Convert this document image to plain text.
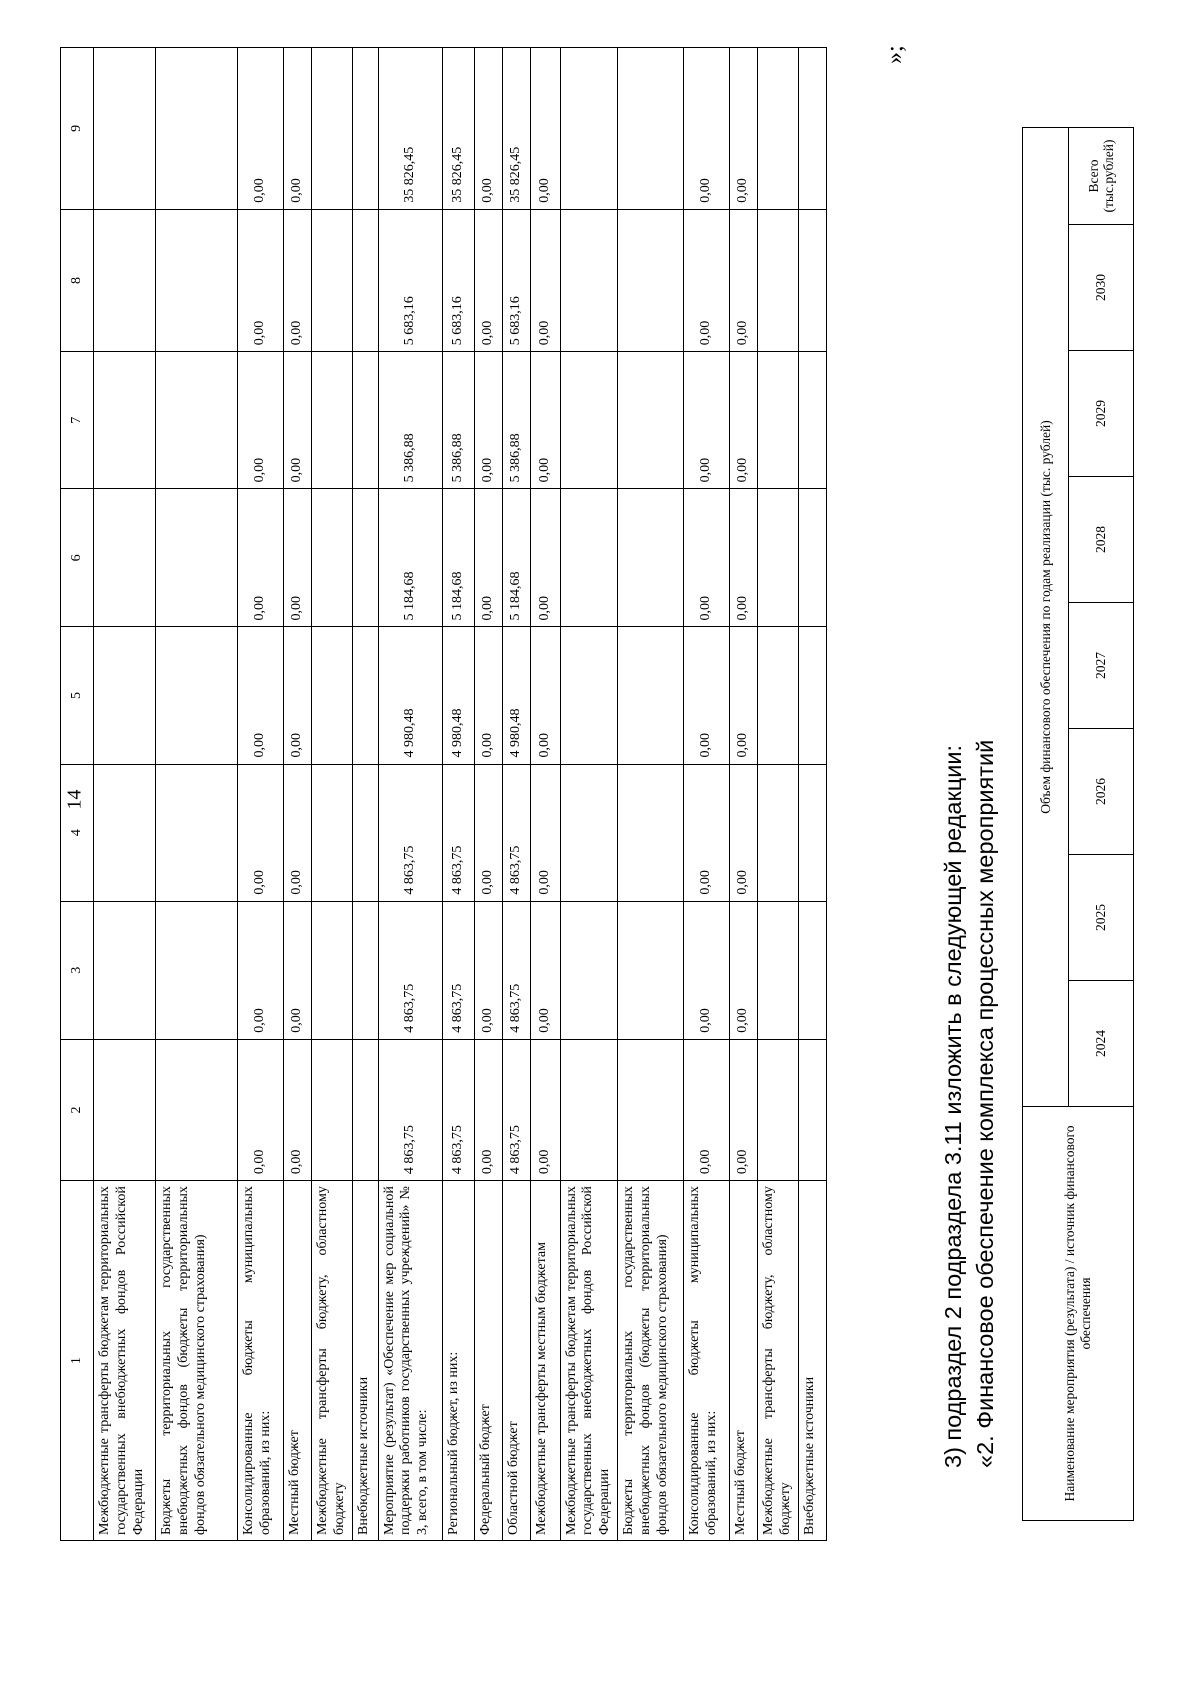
14
1	2	3	4	5	6	7	8	9
Межбюджетные трансферты бюджетам территориальных государственных внебюджетных фондов Российской Федерации								
Бюджеты территориальных государственных внебюджетных фондов (бюджеты территориальных фондов обязательного медицинского страхования)								
Консолидированные бюджеты муниципальных образований, из них:	0,00	0,00	0,00	0,00	0,00	0,00	0,00	0,00
Местный бюджет	0,00	0,00	0,00	0,00	0,00	0,00	0,00	0,00
Межбюджетные трансферты бюджету, областному бюджету								
Внебюджетные источники								
Мероприятие (результат) «Обеспечение мер социальной поддержки работников государственных учреждений» № 3, всего, в том числе:	4 863,75	4 863,75	4 863,75	4 980,48	5 184,68	5 386,88	5 683,16	35 826,45
Региональный бюджет, из них:	4 863,75	4 863,75	4 863,75	4 980,48	5 184,68	5 386,88	5 683,16	35 826,45
Федеральный бюджет	0,00	0,00	0,00	0,00	0,00	0,00	0,00	0,00
Областной бюджет	4 863,75	4 863,75	4 863,75	4 980,48	5 184,68	5 386,88	5 683,16	35 826,45
Межбюджетные трансферты местным бюджетам	0,00	0,00	0,00	0,00	0,00	0,00	0,00	0,00
Межбюджетные трансферты бюджетам территориальных государственных внебюджетных фондов Российской Федерации								
Бюджеты территориальных государственных внебюджетных фондов (бюджеты территориальных фондов обязательного медицинского страхования)								
Консолидированные бюджеты муниципальных образований, из них:	0,00	0,00	0,00	0,00	0,00	0,00	0,00	0,00
Местный бюджет	0,00	0,00	0,00	0,00	0,00	0,00	0,00	0,00
Межбюджетные трансферты бюджету, областному бюджету								
Внебюджетные источники								
»;
3) подраздел 2 подраздела 3.11 изложить в следующей редакции: «2. Финансовое обеспечение комплекса процессных мероприятий	Наименование мероприятия (результата) / источник финансового обеспечения	Объем финансового обеспечения по годам реализации (тыс. рублей)							
	2024	2025	2026	2027	2028	2029	2030	Всего (тыс.рублей)
